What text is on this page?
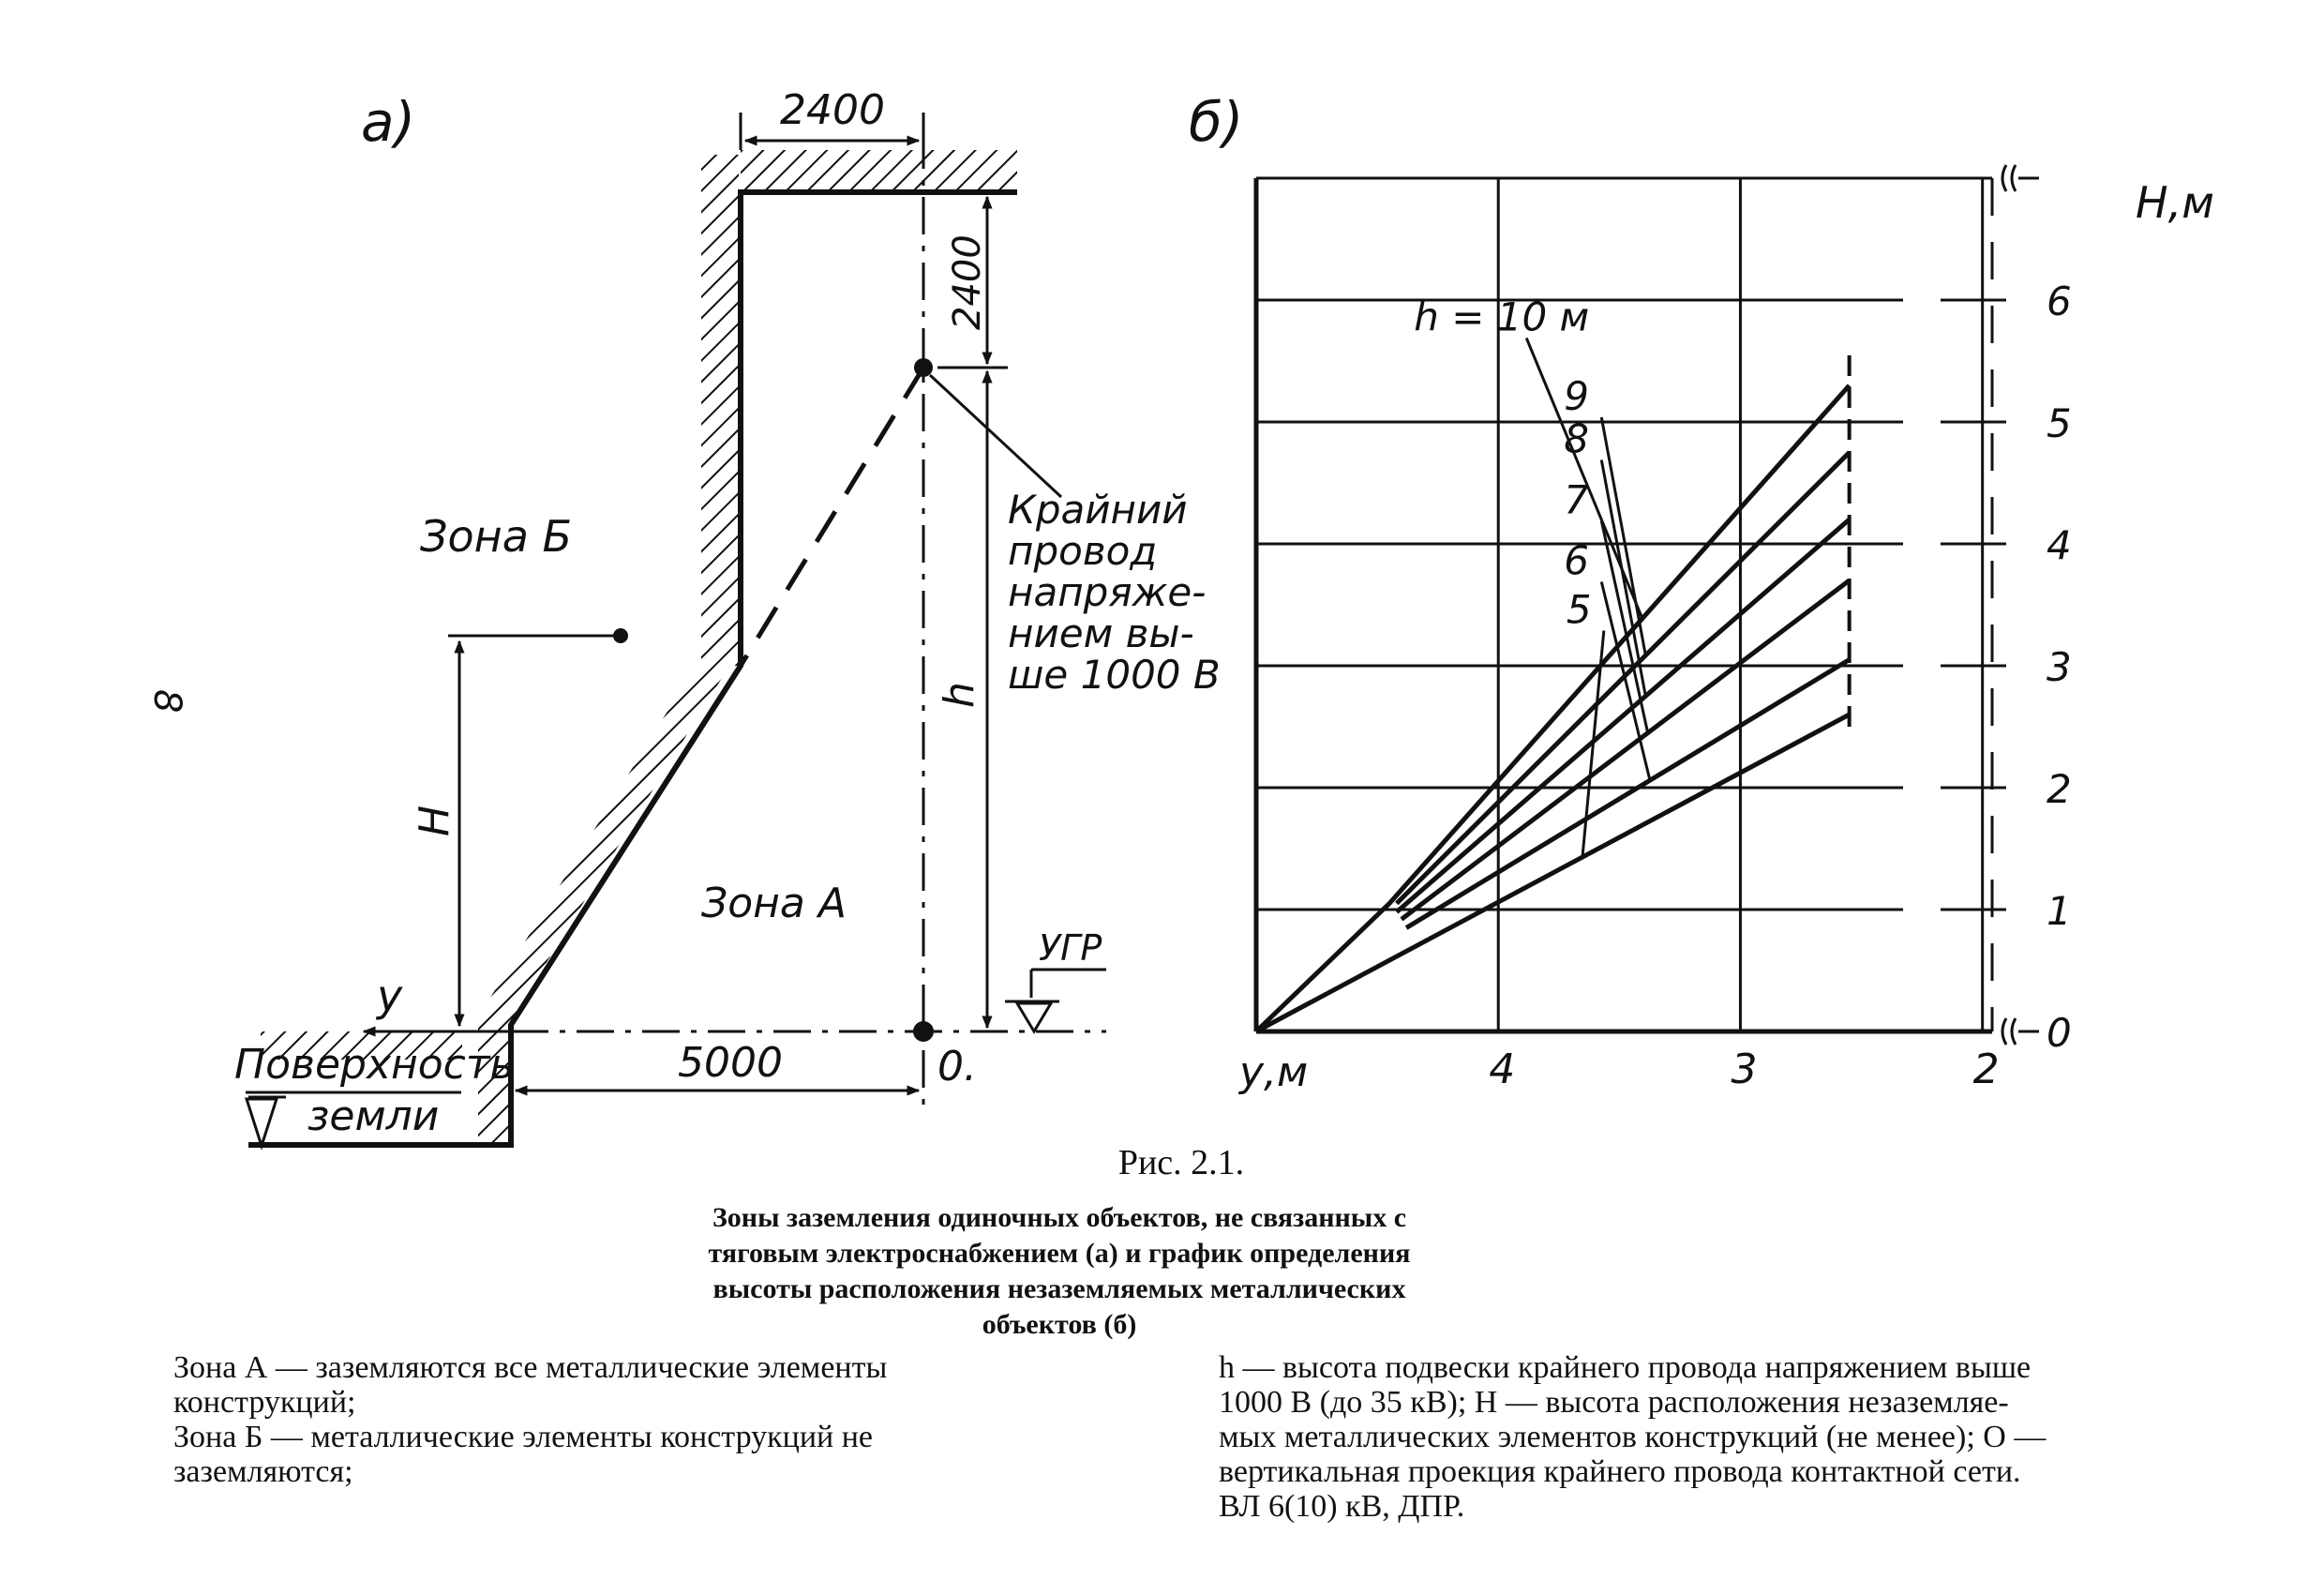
8
а)	2400
2400
h
Крайний
провод
напряже-
нием вы-
ше 1000 В
Зона Б
Зона А
H
у
5000	0.
УГР
Поверхность
земли
б)
Н,м
у,м
0
1
2
3
4
5
6
4	3	2
h = 10 м
9
8
7
6
5
Рис. 2.1.
Зоны заземления одиночных объектов, не связанных с
тяговым электроснабжением (а) и график определения
высоты расположения незаземляемых металлических
объектов (б)
Зона А — заземляются все металлические элементы
конструкций;
Зона Б — металлические элементы конструкций не
заземляются;
h — высота подвески крайнего провода напряжением выше
1000 В (до 35 кВ); Н — высота расположения незаземляе-
мых металлических элементов конструкций (не менее); О —
вертикальная проекция крайнего провода контактной сети.
ВЛ 6(10) кВ, ДПР.
